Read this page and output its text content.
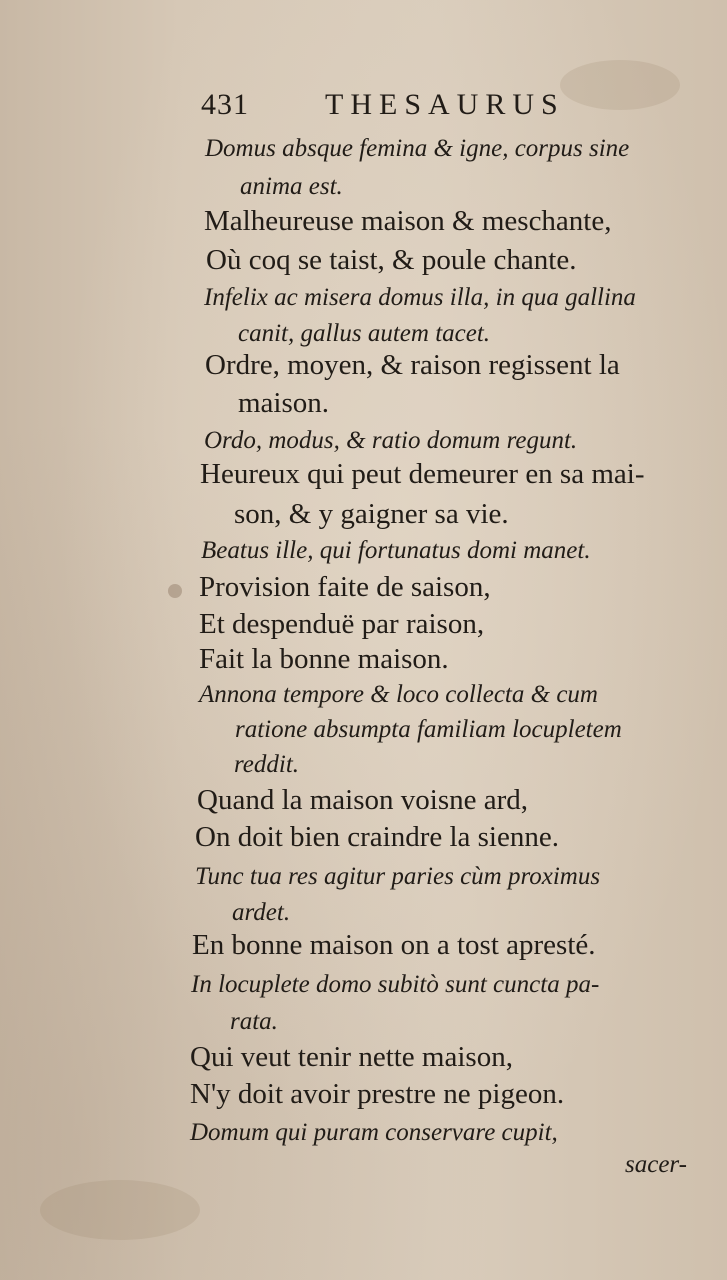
431	THESAURUS
Domus absque femina & igne, corpus sine
anima est.
Malheureuse maison & meschante,
Où coq se taist, & poule chante.
Infelix ac misera domus illa, in qua gallina
canit, gallus autem tacet.
Ordre, moyen, & raison regissent la
maison.
Ordo, modus, & ratio domum regunt.
Heureux qui peut demeurer en sa mai-
son, & y gaigner sa vie.
Beatus ille, qui fortunatus domi manet.
Provision faite de saison,
Et despenduë par raison,
Fait la bonne maison.
Annona tempore & loco collecta & cum
ratione absumpta familiam locupletem
reddit.
Quand la maison voisne ard,
On doit bien craindre la sienne.
Tunc tua res agitur paries cùm proximus
ardet.
En bonne maison on a tost apresté.
In locuplete domo subitò sunt cuncta pa-
rata.
Qui veut tenir nette maison,
N'y doit avoir prestre ne pigeon.
Domum qui puram conservare cupit,
sacer-
